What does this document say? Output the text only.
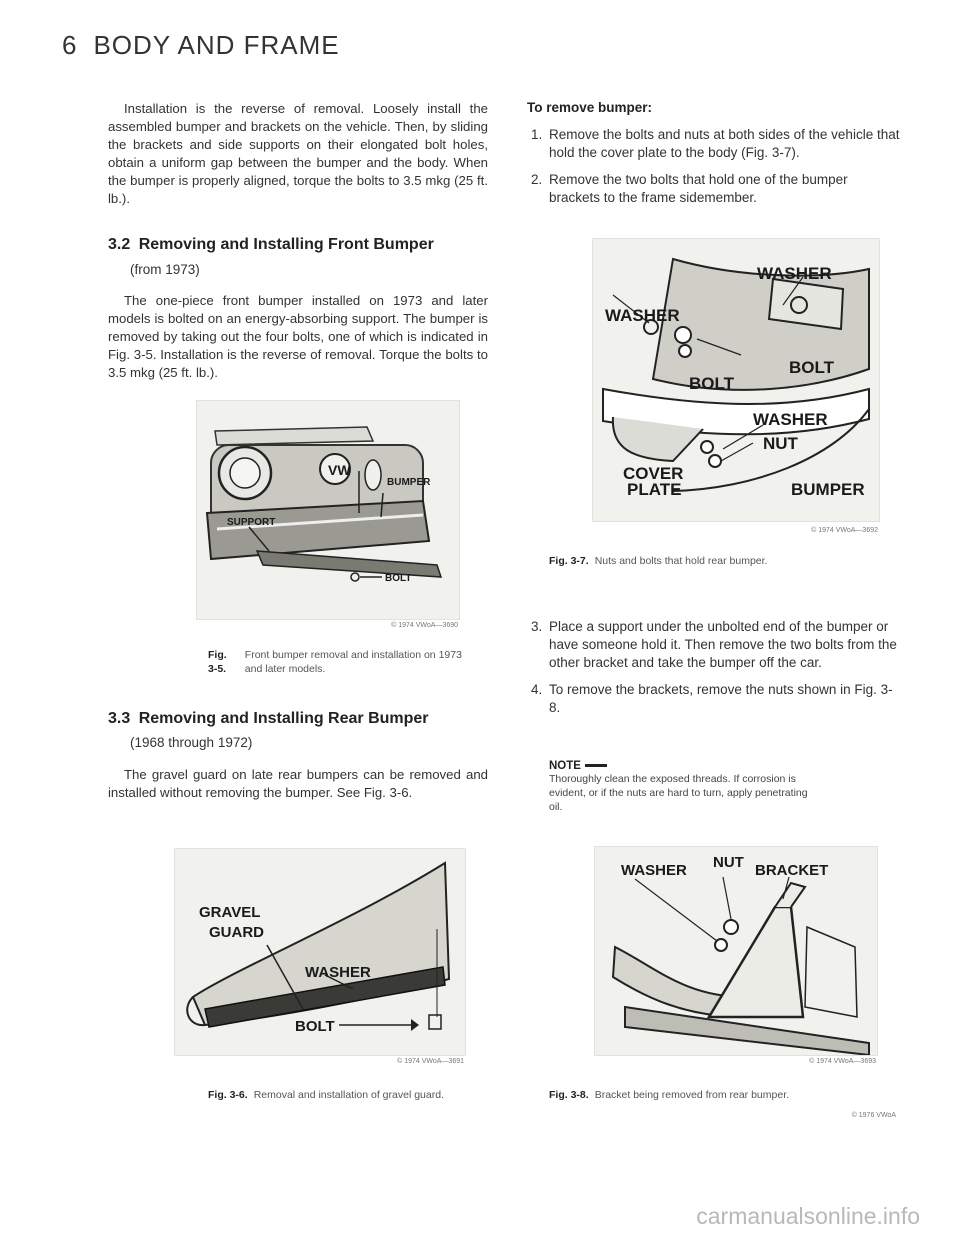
6 BODY AND FRAME

Installation is the reverse of removal. Loosely install the assembled bumper and brackets on the vehicle. Then, by sliding the brackets and side supports on their elongated bolt holes, obtain a uniform gap between the bumper and the body. When the bumper is properly aligned, torque the bolts to 3.5 mkg (25 ft. lb.).

3.2 Removing and Installing Front Bumper
(from 1973)

The one-piece front bumper installed on 1973 and later models is bolted on an energy-absorbing support. The bumper is removed by taking out the four bolts, one of which is indicated in Fig. 3-5. Installation is the reverse of removal. Torque the bolts to 3.5 mkg (25 ft. lb.).

VW
BUMPER
SUPPORT
BOLT
© 1974 VWoA—3690
Fig. 3-5.
Front bumper removal and installation on 1973 and later models.
3.3 Removing and Installing Rear Bumper
(1968 through 1972)

The gravel guard on late rear bumpers can be removed and installed without removing the bumper. See Fig. 3-6.

GRAVEL
GUARD
WASHER
BOLT
© 1974 VWoA—3691
Fig. 3-6. Removal and installation of gravel guard.
To remove bumper:
1. Remove the bolts and nuts at both sides of the vehicle that hold the cover plate to the body (Fig. 3-7).
2. Remove the two bolts that hold one of the bumper brackets to the frame sidemember.
WASHER
WASHER
BOLT
BOLT
WASHER
NUT
COVER
PLATE	BUMPER
© 1974 VWoA—3692
Fig. 3-7. Nuts and bolts that hold rear bumper.
3. Place a support under the unbolted end of the bumper or have someone hold it. Then remove the two bolts from the other bracket and take the bumper off the car.
4. To remove the brackets, remove the nuts shown in Fig. 3-8.
NOTE
Thoroughly clean the exposed threads. If corrosion is evident, or if the nuts are hard to turn, apply penetrating oil.
WASHER NUT BRACKET
© 1974 VWoA—3693
Fig. 3-8. Bracket being removed from rear bumper.
© 1976 VWoA
carmanualsonline.info
